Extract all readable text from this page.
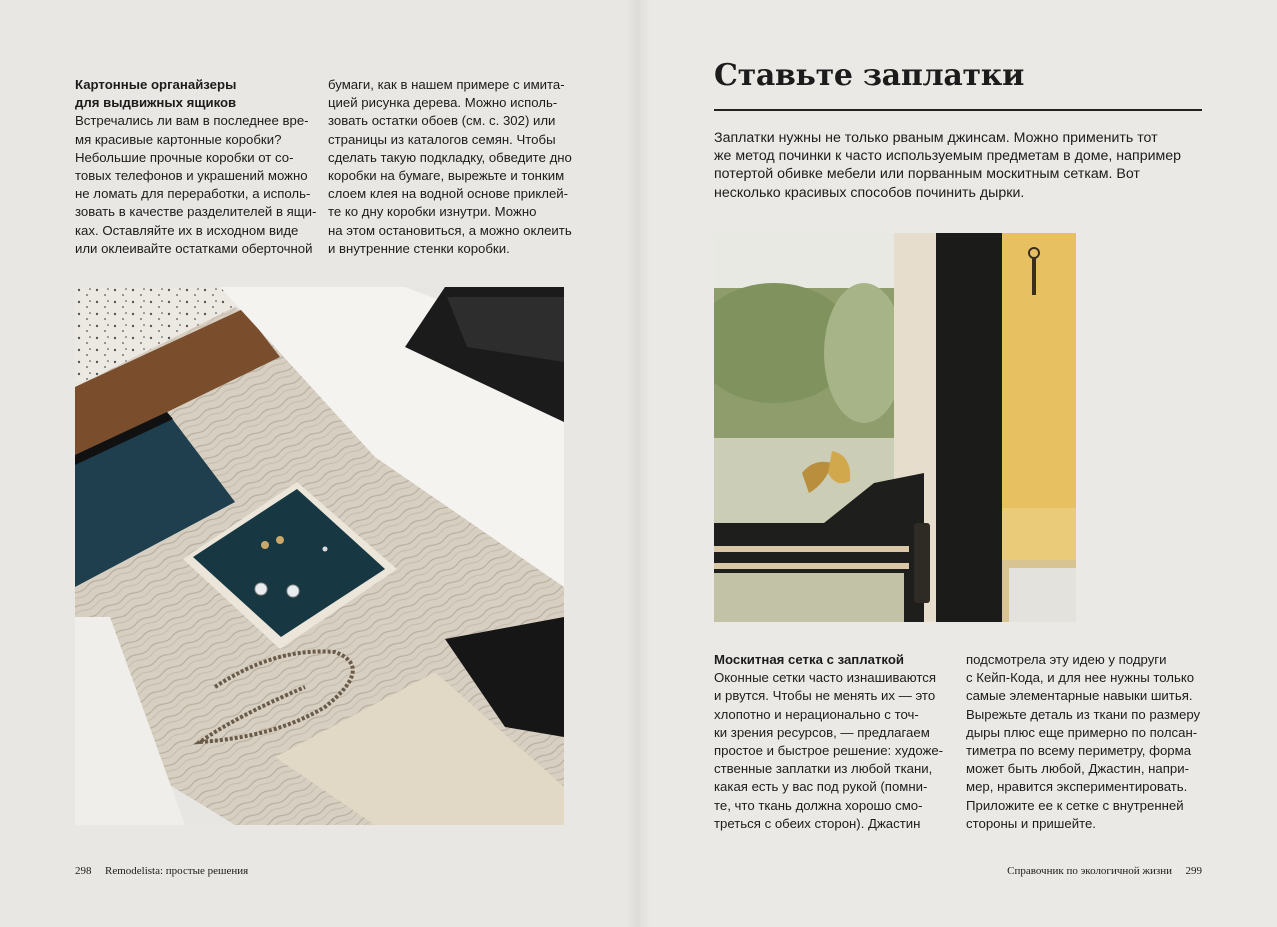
Картонные органайзеры
для выдвижных ящиков

Встречались ли вам в последнее вре-
мя красивые картонные коробки?
Небольшие прочные коробки от со-
товых телефонов и украшений можно
не ломать для переработки, а исполь-
зовать в качестве разделителей в ящи-
ках. Оставляйте их в исходном виде
или оклеивайте остатками оберточной

бумаги, как в нашем примере с имита-
цией рисунка дерева. Можно исполь-
зовать остатки обоев (см. с. 302) или
страницы из каталогов семян. Чтобы
сделать такую подкладку, обведите дно
коробки на бумаге, вырежьте и тонким
слоем клея на водной основе приклей-
те ко дну коробки изнутри. Можно
на этом остановиться, а можно оклеить
и внутренние стенки коробки.

298 Remodelista: простые решения
Ставьте заплатки
Заплатки нужны не только рваным джинсам. Можно применить тот
же метод починки к часто используемым предметам в доме, например
потертой обивке мебели или порванным москитным сеткам. Вот
несколько красивых способов починить дырки.

Москитная сетка с заплаткой

Оконные сетки часто изнашиваются
и рвутся. Чтобы не менять их — это
хлопотно и нерационально с точ-
ки зрения ресурсов, — предлагаем
простое и быстрое решение: художе-
ственные заплатки из любой ткани,
какая есть у вас под рукой (помни-
те, что ткань должна хорошо смо-
треться с обеих сторон). Джастин

подсмотрела эту идею у подруги
с Кейп-Кода, и для нее нужны только
самые элементарные навыки шитья.
Вырежьте деталь из ткани по размеру
дыры плюс еще примерно по полсан-
тиметра по всему периметру, форма
может быть любой, Джастин, напри-
мер, нравится экспериментировать.
Приложите ее к сетке с внутренней
стороны и пришейте.

Справочник по экологичной жизни 299
